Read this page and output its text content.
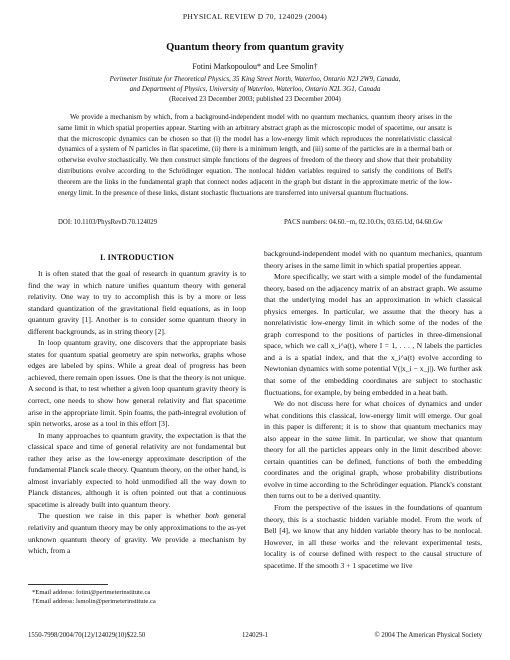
PHYSICAL REVIEW D 70, 124029 (2004)
Quantum theory from quantum gravity
Fotini Markopoulou* and Lee Smolin†
Perimeter Institute for Theoretical Physics, 35 King Street North, Waterloo, Ontario N2J 2W9, Canada,
and Department of Physics, University of Waterloo, Waterloo, Ontario N2L 3G1, Canada
(Received 23 December 2003; published 23 December 2004)
We provide a mechanism by which, from a background-independent model with no quantum mechanics, quantum theory arises in the same limit in which spatial properties appear. Starting with an arbitrary abstract graph as the microscopic model of spacetime, our ansatz is that the microscopic dynamics can be chosen so that (i) the model has a low-energy limit which reproduces the nonrelativistic classical dynamics of a system of N particles in flat spacetime, (ii) there is a minimum length, and (iii) some of the particles are in a thermal bath or otherwise evolve stochastically. We then construct simple functions of the degrees of freedom of the theory and show that their probability distributions evolve according to the Schrödinger equation. The nonlocal hidden variables required to satisfy the conditions of Bell's theorem are the links in the fundamental graph that connect nodes adjacent in the graph but distant in the approximate metric of the low-energy limit. In the presence of these links, distant stochastic fluctuations are transferred into universal quantum fluctuations.
DOI: 10.1103/PhysRevD.70.124029	PACS numbers: 04.60.−m, 02.10.Ox, 03.65.Ud, 04.60.Gw
I. INTRODUCTION

It is often stated that the goal of research in quantum gravity is to find the way in which nature unifies quantum theory with general relativity. One way to try to accomplish this is by a more or less standard quantization of the gravitational field equations, as in loop quantum gravity [1]. Another is to consider some quantum theory in different backgrounds, as in string theory [2].

In loop quantum gravity, one discovers that the appropriate basis states for quantum spatial geometry are spin networks, graphs whose edges are labeled by spins. While a great deal of progress has been achieved, there remain open issues. One is that the theory is not unique. A second is that, to test whether a given loop quantum gravity theory is correct, one needs to show how general relativity and flat spacetime arise in the appropriate limit. Spin foams, the path-integral evolution of spin networks, arose as a tool in this effort [3].

In many approaches to quantum gravity, the expectation is that the classical space and time of general relativity are not fundamental but rather they arise as the low-energy approximate description of the fundamental Planck scale theory. Quantum theory, on the other hand, is almost invariably expected to hold unmodified all the way down to Planck distances, although it is often pointed out that a continuous spacetime is already built into quantum theory.

The question we raise in this paper is whether both general relativity and quantum theory may be only approximations to the as-yet unknown quantum theory of gravity. We provide a mechanism by which, from a

*Email address: fotini@perimeterinstitute.ca
†Email address: lsmolin@perimeterinstitute.ca

background-independent model with no quantum mechanics, quantum theory arises in the same limit in which spatial properties appear.

More specifically, we start with a simple model of the fundamental theory, based on the adjacency matrix of an abstract graph. We assume that the underlying model has an approximation in which classical physics emerges. In particular, we assume that the theory has a nonrelativistic low-energy limit in which some of the nodes of the graph correspond to the positions of particles in three-dimensional space, which we call x_i^a(t), where I = 1, . . . , N labels the particles and a is a spatial index, and that the x_i^a(t) evolve according to Newtonian dynamics with some potential V(|x_i − x_j|). We further ask that some of the embedding coordinates are subject to stochastic fluctuations, for example, by being embedded in a heat bath.

We do not discuss here for what choices of dynamics and under what conditions this classical, low-energy limit will emerge. Our goal in this paper is different; it is to show that quantum mechanics may also appear in the same limit. In particular, we show that quantum theory for all the particles appears only in the limit described above: certain quantities can be defined, functions of both the embedding coordinates and the original graph, whose probability distributions evolve in time according to the Schrödinger equation. Planck's constant then turns out to be a derived quantity.

From the perspective of the issues in the foundations of quantum theory, this is a stochastic hidden variable model. From the work of Bell [4], we know that any hidden variable theory has to be nonlocal. However, in all these works and the relevant experimental tests, locality is of course defined with respect to the causal structure of spacetime. If the smooth 3 + 1 spacetime we live

1550-7998/2004/70(12)/124029(10)$22.50	124029-1	© 2004 The American Physical Society
